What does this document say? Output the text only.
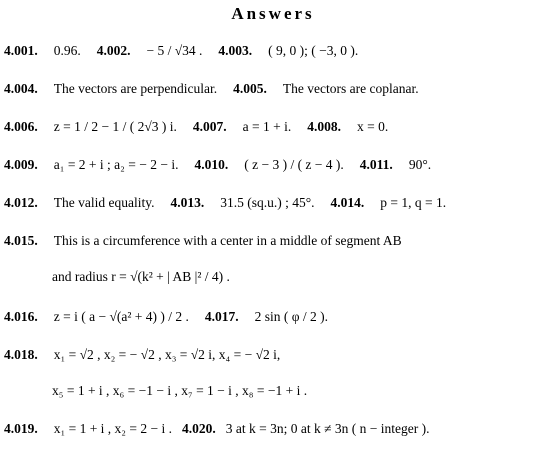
Answers
4.001. 0.96. 4.002. − 5 / √34 . 4.003. ( 9, 0 ); ( −3, 0 ).
4.004. The vectors are perpendicular. 4.005. The vectors are coplanar.
4.006. z = 1 / 2 − 1 / ( 2√3 ) i. 4.007. a = 1 + i. 4.008. x = 0.
4.009. a₁ = 2 + i ; a₂ = − 2 − i. 4.010. ( z − 3 ) / ( z − 4 ). 4.011. 90°.
4.012. The valid equality. 4.013. 31.5 (sq.u.) ; 45°. 4.014. p = 1, q = 1.
4.015. This is a circumference with a center in a middle of segment AB
and radius r = √(k² + | AB |² / 4) .
4.016. z = i ( a − √(a² + 4) ) / 2 . 4.017. 2 sin ( φ / 2 ).
4.018. x₁ = √2 , x₂ = − √2 , x₃ = √2 i, x₄ = − √2 i,
x₅ = 1 + i , x₆ = −1 − i , x₇ = 1 − i , x₈ = −1 + i .
4.019. x₁ = 1 + i , x₂ = 2 − i . 4.020. 3 at k = 3n; 0 at k ≠ 3n ( n − integer ).
